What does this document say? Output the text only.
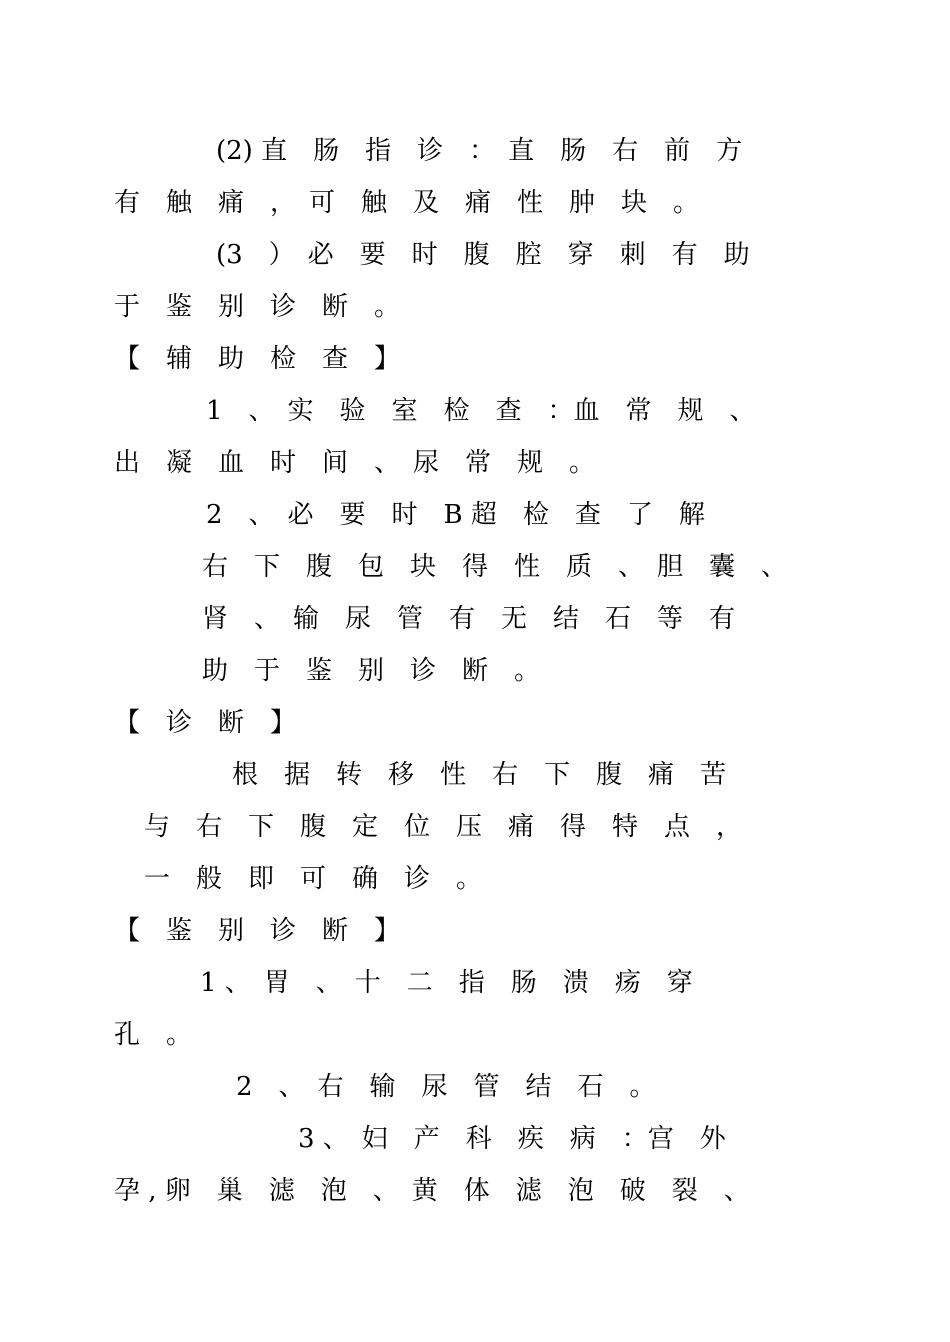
(2) 直　肠　指　诊　：　直　肠　右　前　方
有　触　痛　，　可　触　及　痛　性　肿　块　。
(3　）　必　要　时　腹　腔　穿　刺　有　助
于　鉴　别　诊　断　。
【　辅　助　检　查　】
1　、　实　验　室　检　查　：血　常　规　、
出　凝　血　时　间　、　尿　常　规　。
2　、　必　要　时　B 超　检　查　了　解
右　下　腹　包　块　得　性　质　、　胆　囊　、
肾　、　输　尿　管　有　无　结　石　等　有
助　于　鉴　别　诊　断　。
【　诊　断　】
根　据　转　移　性　右　下　腹　痛　苦
与　右　下　腹　定　位　压　痛　得　特　点　，
一　般　即　可　确　诊　。
【　鉴　别　诊　断　】
1 、　胃　、　十　二　指　肠　溃　疡　穿
孔　。
2　、　右　输　尿　管　结　石　。
3 、　妇　产　科　疾　病　：宫　外
孕 , 卵　巢　滤　泡　、　黄　体　滤　泡　破　裂　、
